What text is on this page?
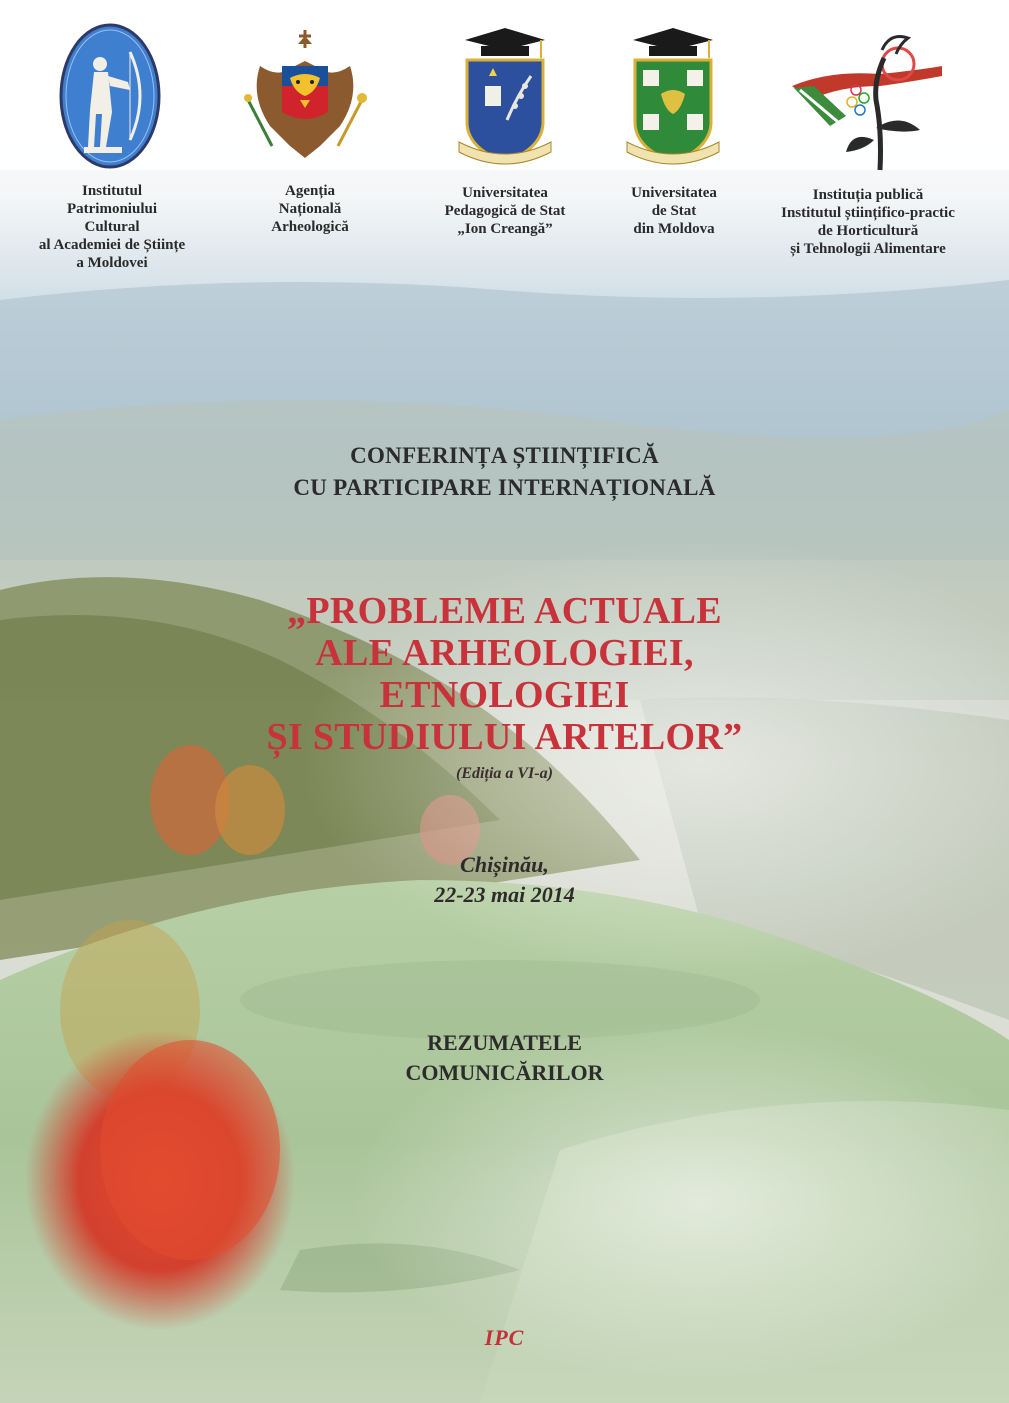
Institutul
Patrimoniului
Cultural
al Academiei de Științe
a Moldovei
Agenția
Națională
Arheologică
Universitatea
Pedagogică de Stat
„Ion Creangă”
Universitatea
de Stat
din Moldova
Instituția publică
Institutul științifico-practic
de Horticultură
și Tehnologii Alimentare
CONFERINȚA ȘTIINȚIFICĂ
CU PARTICIPARE INTERNAȚIONALĂ
„PROBLEME ACTUALE
ALE ARHEOLOGIEI,
ETNOLOGIEI
ȘI STUDIULUI ARTELOR”
(Ediția a VI-a)
Chișinău,
22-23 mai 2014
REZUMATELE
COMUNICĂRILOR
IPC
